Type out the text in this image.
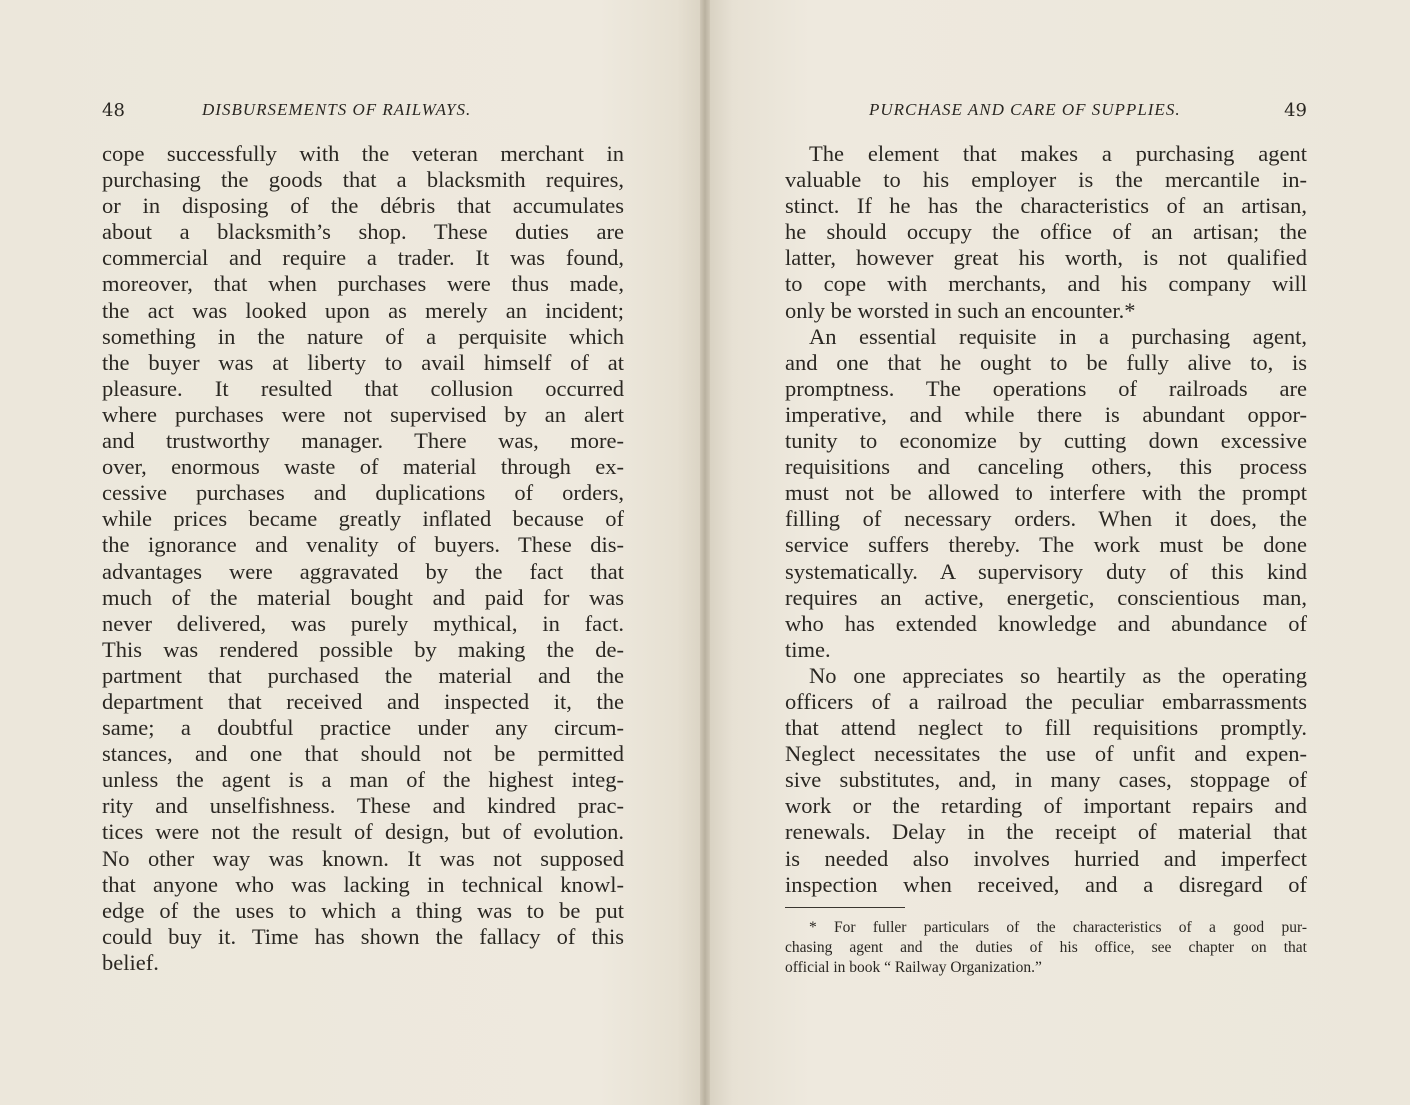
48	DISBURSEMENTS OF RAILWAYS.
cope successfully with the veteran merchant in
purchasing the goods that a blacksmith requires,
or in disposing of the débris that accumulates
about a blacksmith’s shop. These duties are
commercial and require a trader. It was found,
moreover, that when purchases were thus made,
the act was looked upon as merely an incident;
something in the nature of a perquisite which
the buyer was at liberty to avail himself of at
pleasure. It resulted that collusion occurred
where purchases were not supervised by an alert
and trustworthy manager. There was, more-
over, enormous waste of material through ex-
cessive purchases and duplications of orders,
while prices became greatly inflated because of
the ignorance and venality of buyers. These dis-
advantages were aggravated by the fact that
much of the material bought and paid for was
never delivered, was purely mythical, in fact.
This was rendered possible by making the de-
partment that purchased the material and the
department that received and inspected it, the
same; a doubtful practice under any circum-
stances, and one that should not be permitted
unless the agent is a man of the highest integ-
rity and unselfishness. These and kindred prac-
tices were not the result of design, but of evolution.
No other way was known. It was not supposed
that anyone who was lacking in technical knowl-
edge of the uses to which a thing was to be put
could buy it. Time has shown the fallacy of this
belief.
PURCHASE AND CARE OF SUPPLIES.	49
The element that makes a purchasing agent
valuable to his employer is the mercantile in-
stinct. If he has the characteristics of an artisan,
he should occupy the office of an artisan; the
latter, however great his worth, is not qualified
to cope with merchants, and his company will
only be worsted in such an encounter.*
An essential requisite in a purchasing agent,
and one that he ought to be fully alive to, is
promptness. The operations of railroads are
imperative, and while there is abundant oppor-
tunity to economize by cutting down excessive
requisitions and canceling others, this process
must not be allowed to interfere with the prompt
filling of necessary orders. When it does, the
service suffers thereby. The work must be done
systematically. A supervisory duty of this kind
requires an active, energetic, conscientious man,
who has extended knowledge and abundance of
time.
No one appreciates so heartily as the operating
officers of a railroad the peculiar embarrassments
that attend neglect to fill requisitions promptly.
Neglect necessitates the use of unfit and expen-
sive substitutes, and, in many cases, stoppage of
work or the retarding of important repairs and
renewals. Delay in the receipt of material that
is needed also involves hurried and imperfect
inspection when received, and a disregard of
* For fuller particulars of the characteristics of a good pur-
chasing agent and the duties of his office, see chapter on that
official in book “ Railway Organization.”
